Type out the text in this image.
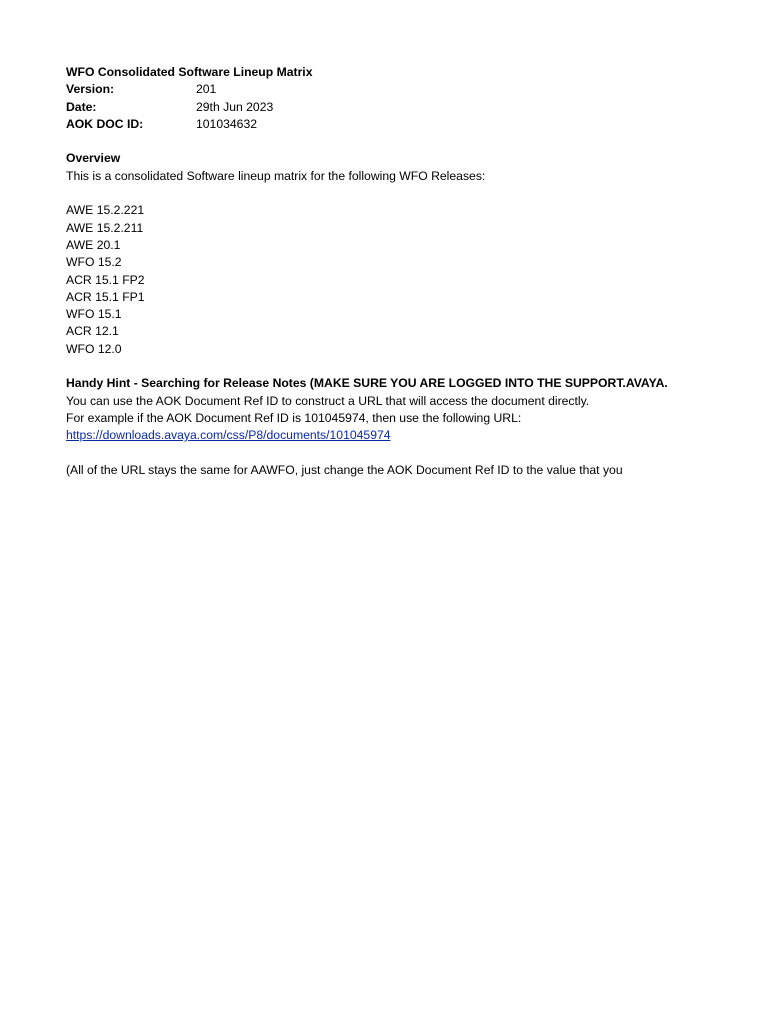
WFO Consolidated Software Lineup Matrix
Version:	201
Date:	29th Jun 2023
AOK DOC ID:	101034632
Overview
This is a consolidated Software lineup matrix for the following WFO Releases:
AWE 15.2.221
AWE 15.2.211
AWE 20.1
WFO 15.2
ACR 15.1 FP2
ACR 15.1 FP1
WFO 15.1
ACR 12.1
WFO 12.0
Handy Hint - Searching for Release Notes (MAKE SURE YOU ARE LOGGED INTO THE SUPPORT.AVAYA.
You can use the AOK Document Ref ID to construct a URL that will access the document directly.
For example if the AOK Document Ref ID is 101045974, then use the following URL:
https://downloads.avaya.com/css/P8/documents/101045974
(All of the URL stays the same for AAWFO, just change the AOK Document Ref ID to the value that you
